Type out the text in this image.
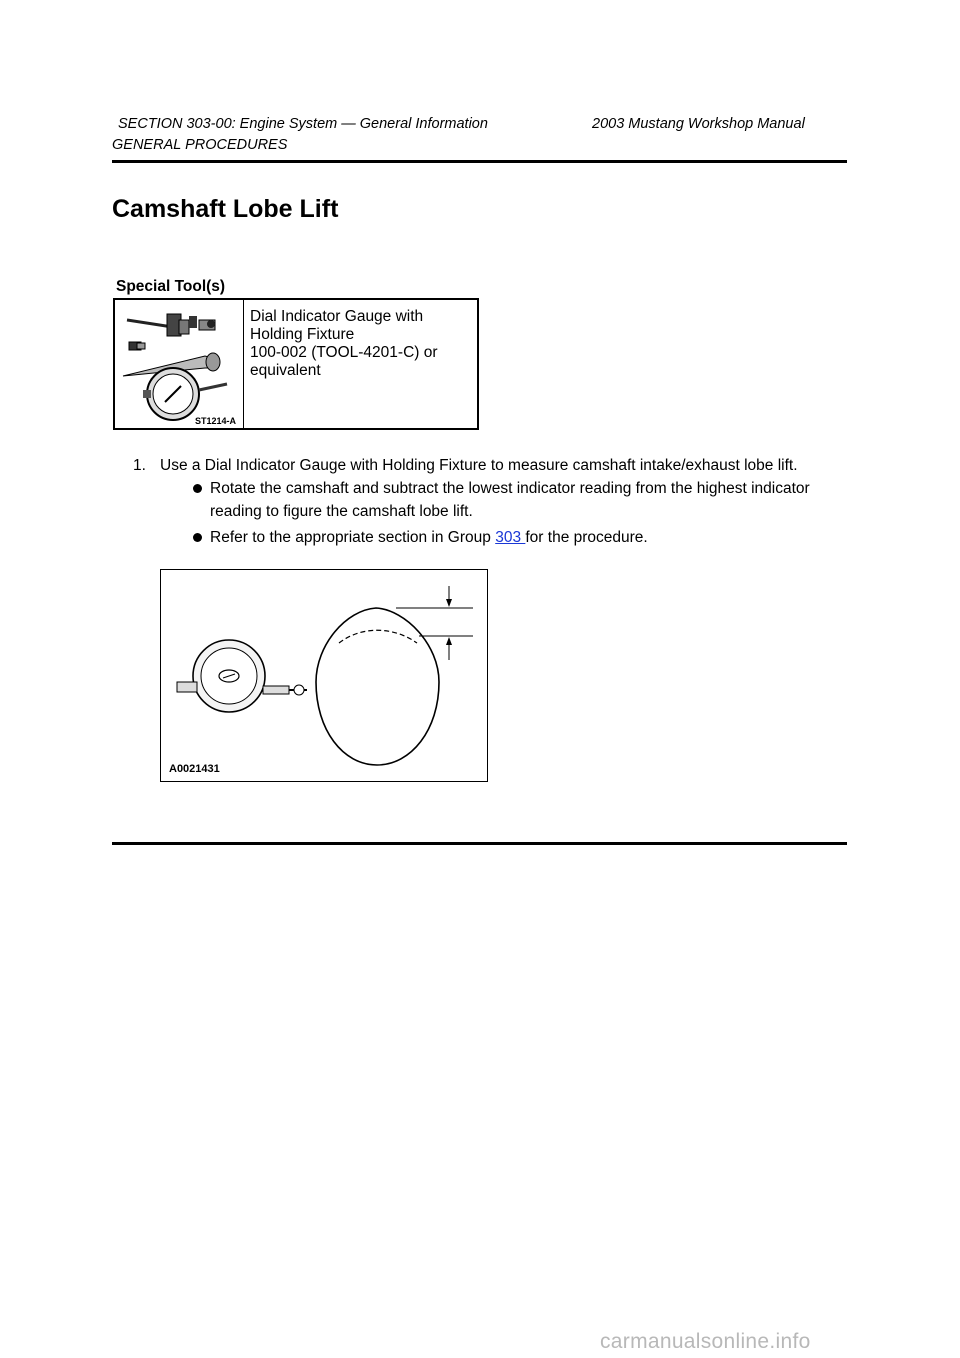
SECTION 303-00: Engine System — General Information	2003 Mustang Workshop Manual
GENERAL PROCEDURES
Camshaft Lobe Lift
Special Tool(s)
ST1214-A
Dial Indicator Gauge with
Holding Fixture
100-002 (TOOL-4201-C) or
equivalent
1. Use a Dial Indicator Gauge with Holding Fixture to measure camshaft intake/exhaust lobe lift.
Rotate the camshaft and subtract the lowest indicator reading from the highest indicator reading to figure the camshaft lobe lift.
Refer to the appropriate section in Group 303 for the procedure.
A0021431
carmanualsonline.info
